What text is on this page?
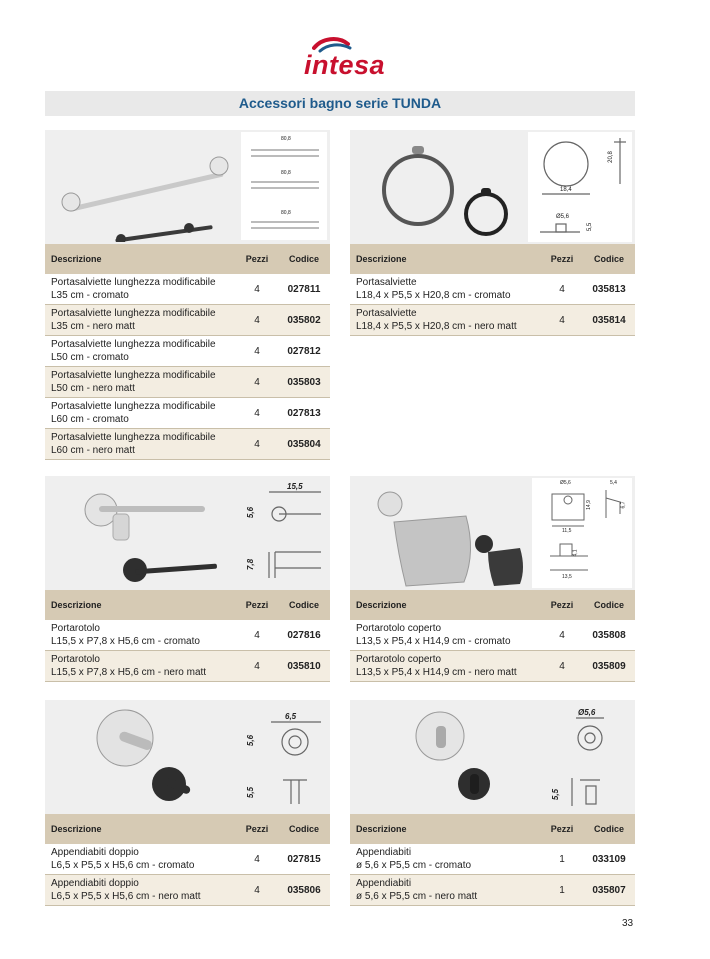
intesa
Accessori bagno serie TUNDA
80,8
80,8
80,8
Descrizione	Pezzi	Codice
Portasalviette lunghezza modificabile
L35 cm - cromato
4	027811
Portasalviette lunghezza modificabile
L35 cm - nero matt
4	035802
Portasalviette lunghezza modificabile
L50 cm - cromato
4	027812
Portasalviette lunghezza modificabile
L50 cm - nero matt
4	035803
Portasalviette lunghezza modificabile
L60 cm - cromato
4	027813
Portasalviette lunghezza modificabile
L60 cm - nero matt
4	035804
20,8
18,4
Ø5,6
5,5
Descrizione	Pezzi	Codice
Portasalviette
L18,4 x P5,5 x H20,8 cm - cromato
4	035813
Portasalviette
L18,4 x P5,5 x H20,8 cm - nero matt
4	035814
15,5
5,6
7,8
Descrizione	Pezzi	Codice
Portarotolo
L15,5 x P7,8 x H5,6 cm - cromato
4	027816
Portarotolo
L15,5 x P7,8 x H5,6 cm - nero matt
4	035810
Ø5,6
14,9
5,4
6,7
11,5
4,1
13,5
Descrizione	Pezzi	Codice
Portarotolo coperto
L13,5 x P5,4 x H14,9 cm - cromato
4	035808
Portarotolo coperto
L13,5 x P5,4 x H14,9 cm - nero matt
4	035809
6,5
5,6
5,5
Descrizione	Pezzi	Codice
Appendiabiti doppio
L6,5 x P5,5 x H5,6 cm - cromato
4	027815
Appendiabiti doppio
L6,5 x P5,5 x H5,6 cm - nero matt
4	035806
Ø5,6
5,5
Descrizione	Pezzi	Codice
Appendiabiti
ø 5,6 x P5,5 cm - cromato
1	033109
Appendiabiti
ø 5,6 x P5,5 cm - nero matt
1	035807
33
